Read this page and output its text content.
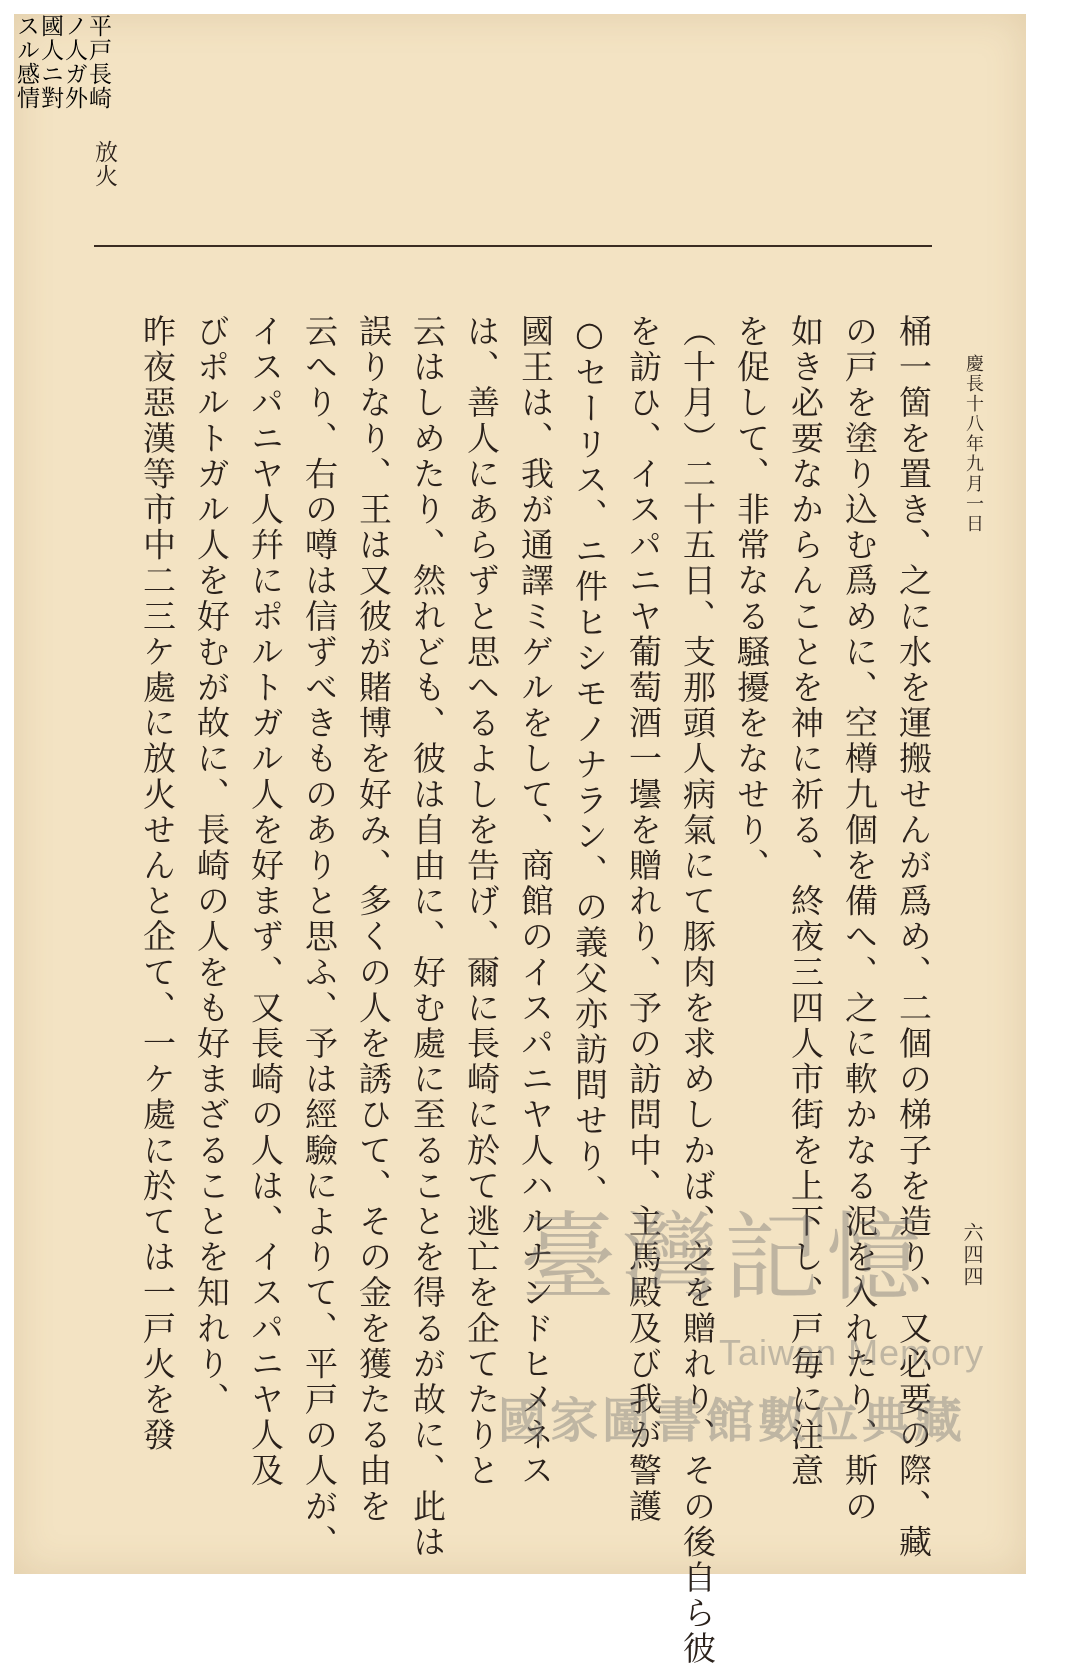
慶長十八年九月一日
六四四
放火
平戸長崎
ノ人ガ外
國人ニ對
スル感情
桶一箇を置き、之に水を運搬せんが爲め、二個の梯子を造り、又必要の際、藏
の戸を塗り込む爲めに、空樽九個を備へ、之に軟かなる泥を入れたり、斯の
如き必要なからんことを神に祈る、終夜三四人市街を上下し、戸毎に注意
を促して、非常なる騒擾をなせり、
（十月）二十五日、支那頭人病氣にて豚肉を求めしかば、之を贈れり、その後自ら彼
を訪ひ、イスパニヤ葡萄酒一壜を贈れり、予の訪問中、主馬殿及び我が警護
○セーリス、ニ件ヒシモノナラン、の義父亦訪問せり、
國王は、我が通譯ミゲルをして、商館のイスパニヤ人ハルナンドヒメネス
は、善人にあらずと思へるよしを告げ、爾に長崎に於て逃亡を企てたりと
云はしめたり、然れども、彼は自由に、好む處に至ることを得るが故に、此は
誤りなり、王は又彼が賭博を好み、多くの人を誘ひて、その金を獲たる由を
云へり、右の噂は信ずべきものありと思ふ、予は經驗によりて、平戸の人が、
イスパニヤ人幷にポルトガル人を好まず、又長崎の人は、イスパニヤ人及
びポルトガル人を好むが故に、長崎の人をも好まざることを知れり、
昨夜惡漢等市中二三ケ處に放火せんと企て、一ケ處に於ては一戸火を發	臺灣記憶
Taiwan Memory
國家圖書館數位典藏
